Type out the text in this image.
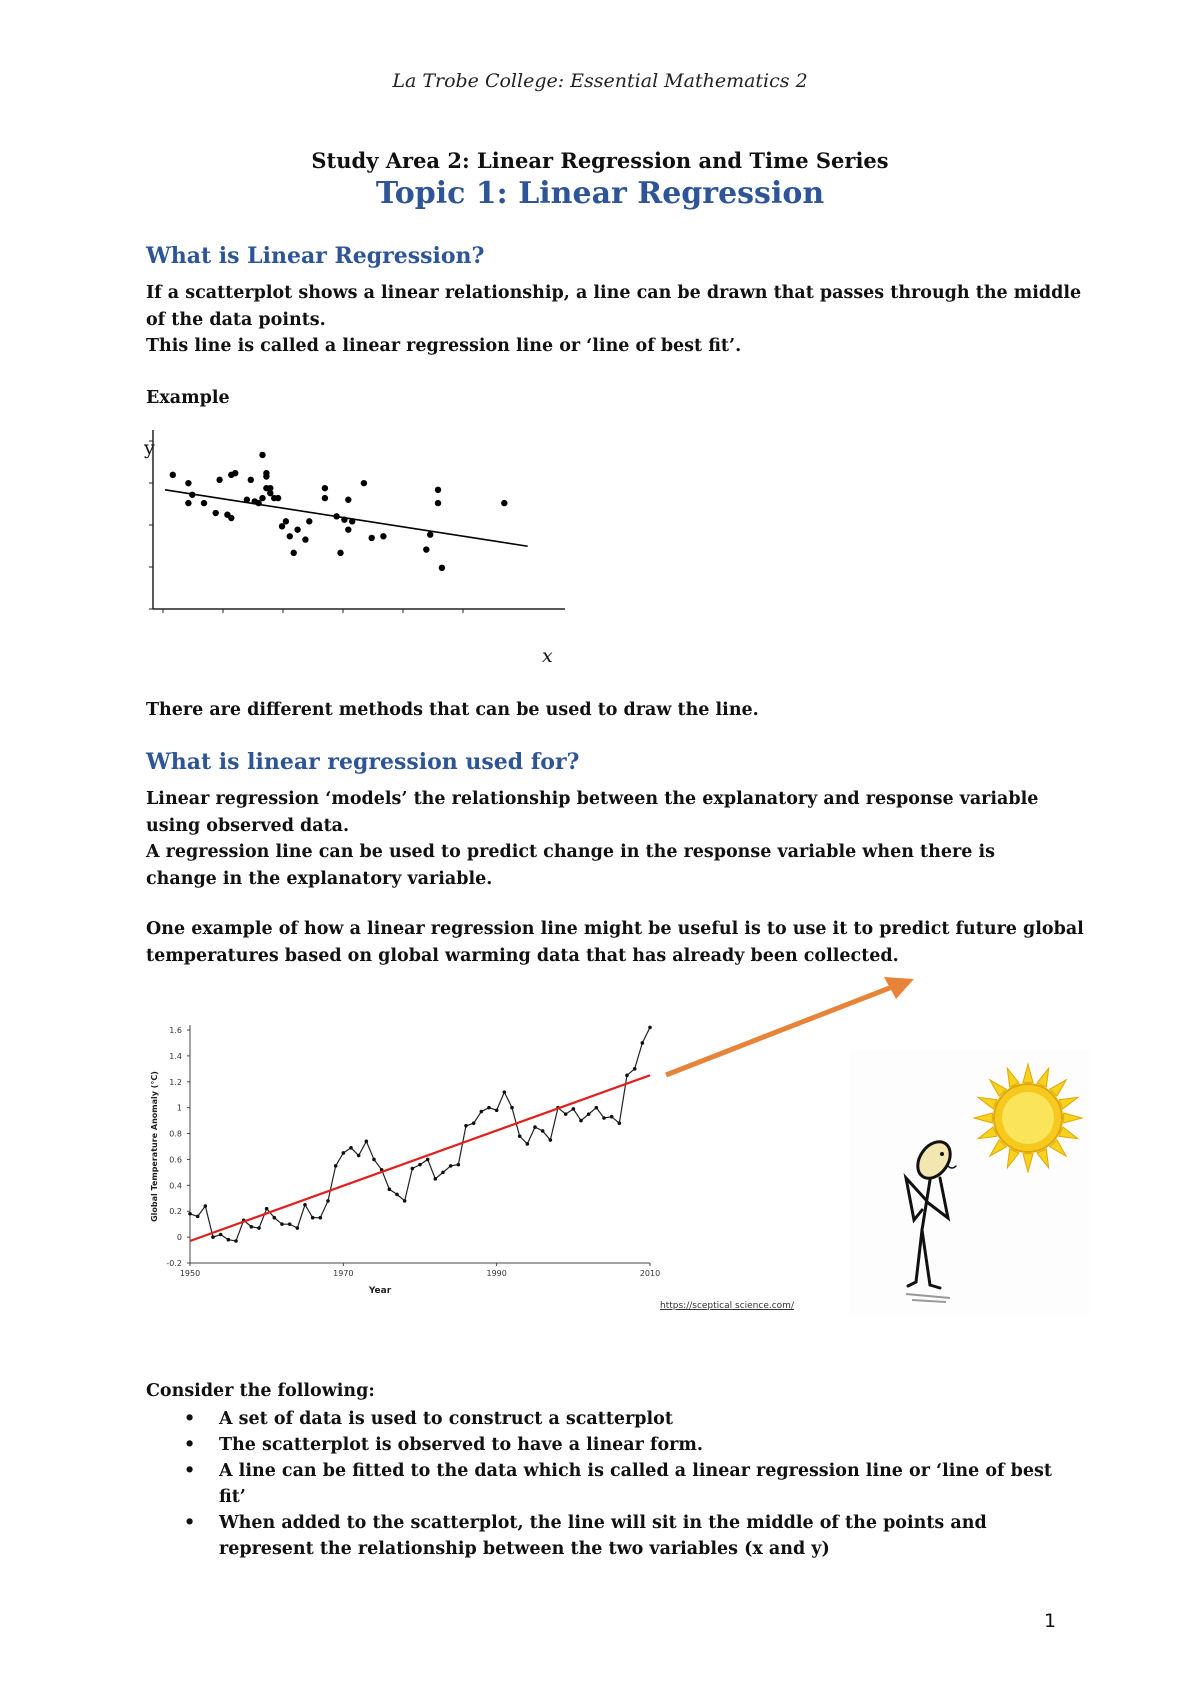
La Trobe College: Essential Mathematics 2
Study Area 2: Linear Regression and Time Series
Topic 1: Linear Regression
What is Linear Regression?
If a scatterplot shows a linear relationship, a line can be drawn that passes through the middle
of the data points.
This line is called a linear regression line or ‘line of best fit’.
Example
y
x
There are different methods that can be used to draw the line.
What is linear regression used for?
Linear regression ‘models’ the relationship between the explanatory and response variable
using observed data.
A regression line can be used to predict change in the response variable when there is
change in the explanatory variable.
One example of how a linear regression line might be useful is to use it to predict future global
temperatures based on global warming data that has already been collected.
-0.2
0
0.2
0.4
0.6
0.8
1
1.2
1.4
1.6
1950	1970	1990	2010
Year
Global Temperature Anomaly (°C)
https://sceptical science.com/
Consider the following:
• A set of data is used to construct a scatterplot
• The scatterplot is observed to have a linear form.
• A line can be fitted to the data which is called a linear regression line or ‘line of best fit’
• When added to the scatterplot, the line will sit in the middle of the points and represent the relationship between the two variables (x and y)
1
